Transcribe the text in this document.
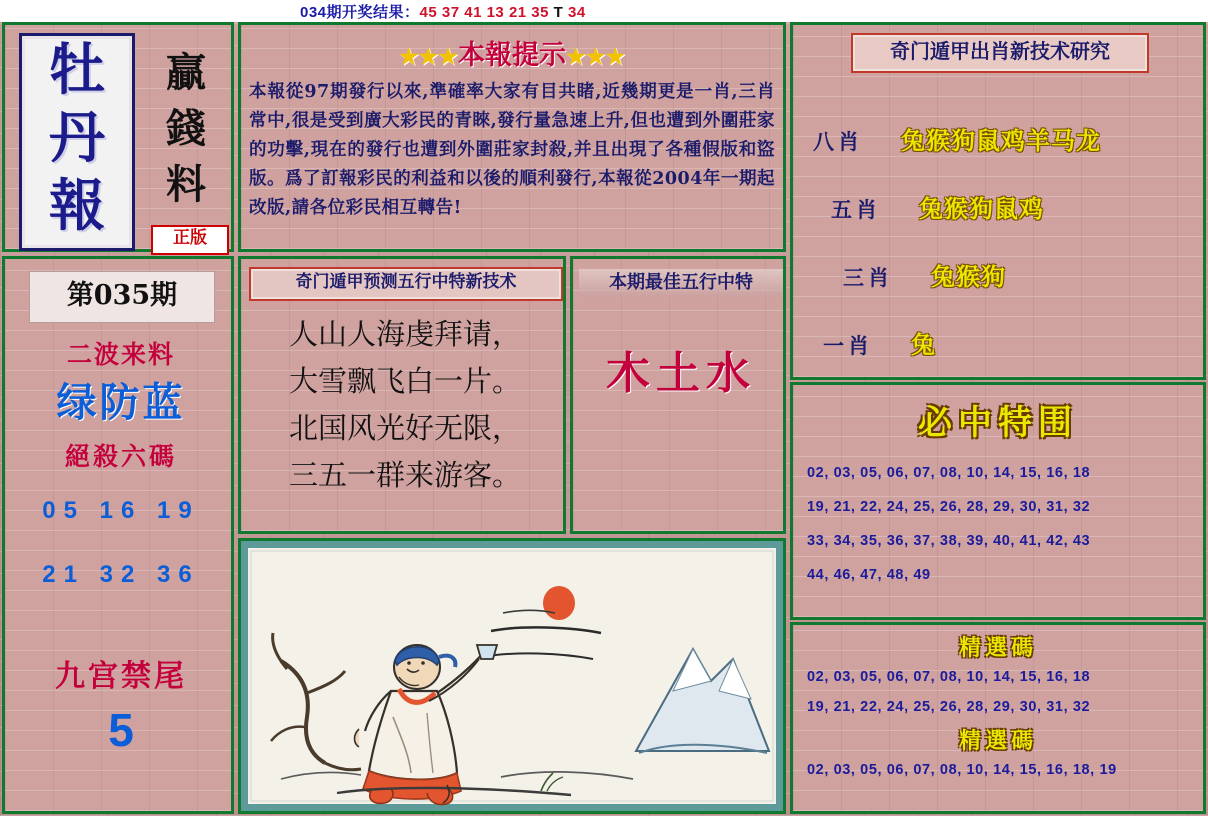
034期开奖结果：45 37 41 13 21 35 T 34
牡
丹
報
贏
錢
料
正版
★★★本報提示★★★
本報從97期發行以來,準確率大家有目共睹,近幾期更是一肖,三肖常中,很是受到廣大彩民的青睞,發行量急速上升,但也遭到外圍莊家的功擊,現在的發行也遭到外圍莊家封殺,并且出現了各種假版和盜版。爲了訂報彩民的利益和以後的順利發行,本報從2004年一期起改版,請各位彩民相互轉告!
奇门遁甲出肖新技术研究
八肖 兔猴狗鼠鸡羊马龙
五肖 兔猴狗鼠鸡
三肖 兔猴狗
一肖 兔
必中特围
02, 03, 05, 06, 07, 08, 10, 14, 15, 16, 18
19, 21, 22, 24, 25, 26, 28, 29, 30, 31, 32
33, 34, 35, 36, 37, 38, 39, 40, 41, 42, 43
44, 46, 47, 48, 49
精選碼
02, 03, 05, 06, 07, 08, 10, 14, 15, 16, 18
19, 21, 22, 24, 25, 26, 28, 29, 30, 31, 32
精選碼
02, 03, 05, 06, 07, 08, 10, 14, 15, 16, 18, 19
第035期
二波来料
绿防蓝
絕殺六碼
05 16 19
21 32 36
九宫禁尾
5
奇门遁甲预测五行中特新技术
人山人海虔拜请，
大雪飘飞白一片。
北国风光好无限，
三五一群来游客。
本期最佳五行中特
木土水
